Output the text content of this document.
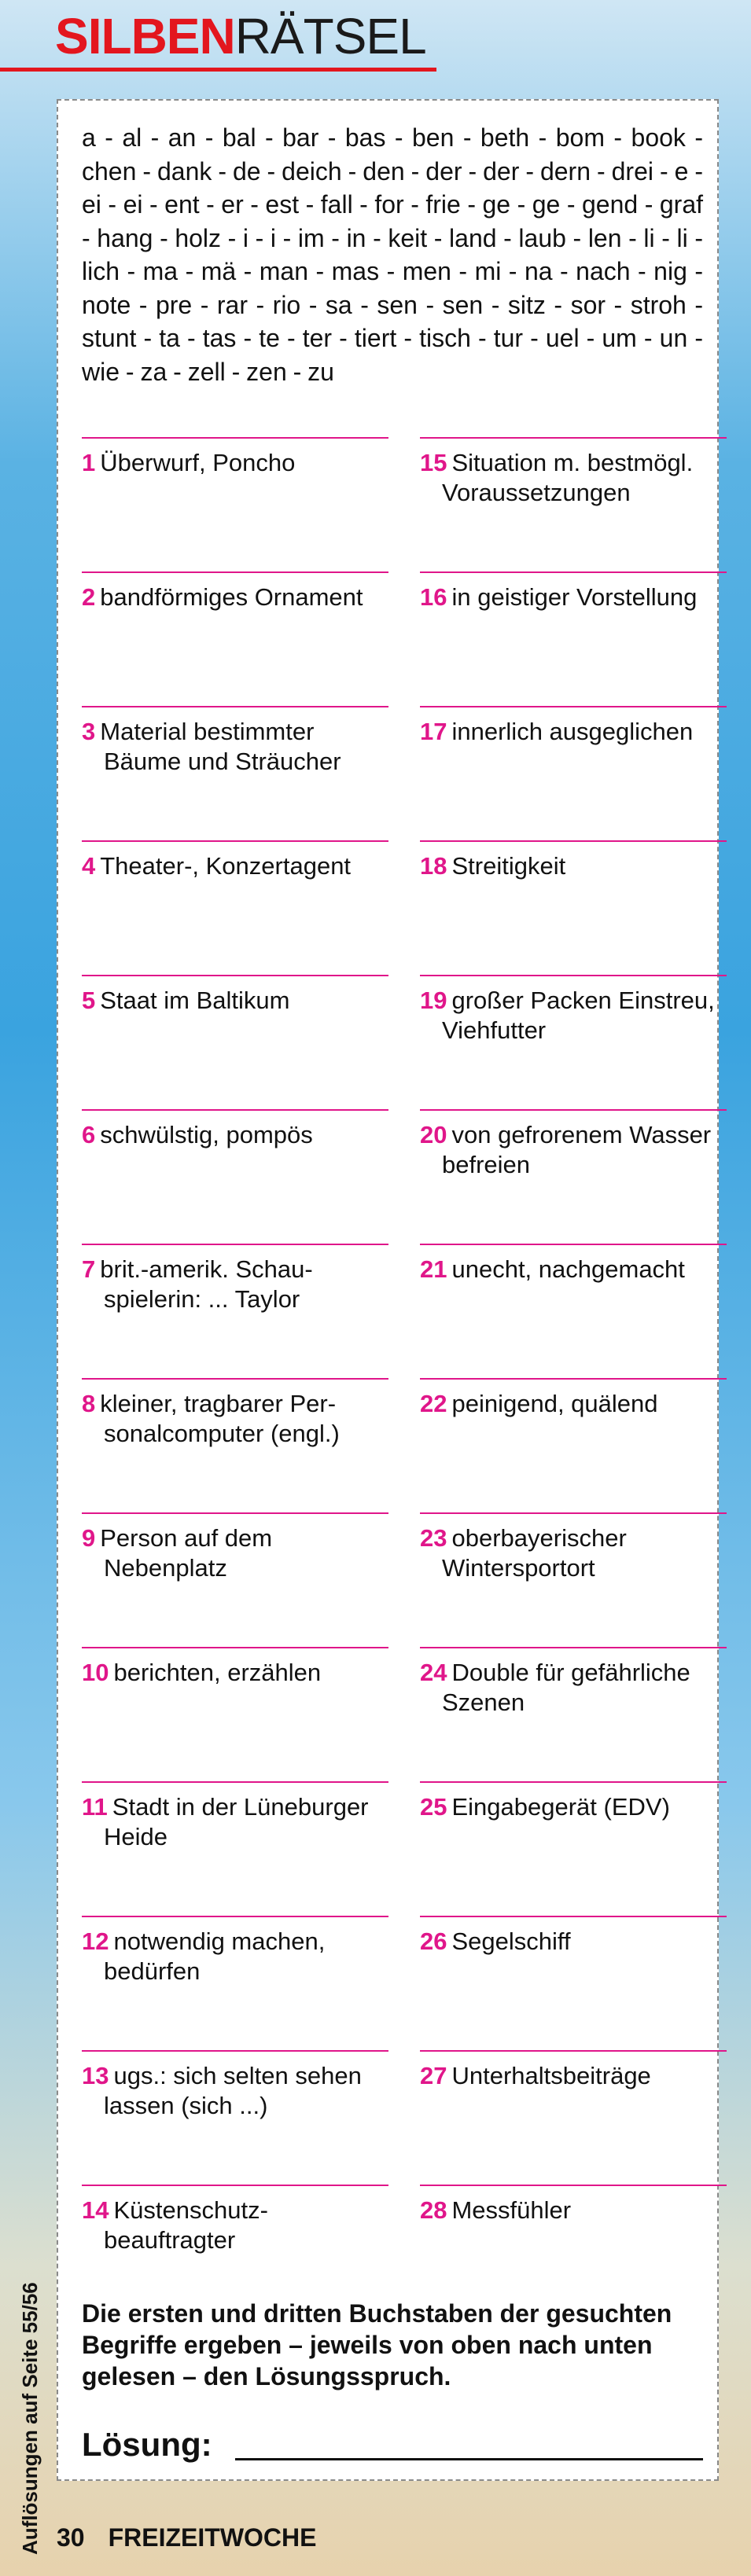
SILBENRÄTSEL

a - al - an - bal - bar - bas - ben - beth - bom - book - chen - dank - de - deich - den - der - der - dern - drei - e - ei - ei - ent - er - est - fall - for - frie - ge - ge - gend - graf - hang - holz - i - i - im - in - keit - land - laub - len - li - li - lich - ma - mä - man - mas - men - mi - na - nach - nig - note - pre - rar - rio - sa - sen - sen - sitz - sor - stroh - stunt - ta - tas - te - ter - tiert - tisch - tur - uel - um - un - wie - za - zell - zen - zu

1 Überwurf, Poncho
2 bandförmiges Ornament
3 Material bestimmter Bäume und Sträucher
4 Theater-, Konzertagent
5 Staat im Baltikum
6 schwülstig, pompös
7 brit.-amerik. Schau-spielerin: ... Taylor
8 kleiner, tragbarer Per-sonalcomputer (engl.)
9 Person auf dem Nebenplatz
10 berichten, erzählen
11 Stadt in der Lüneburger Heide
12 notwendig machen, bedürfen
13 ugs.: sich selten sehen lassen (sich ...)
14 Küstenschutz-beauftragter
15 Situation m. bestmögl. Voraussetzungen
16 in geistiger Vorstellung
17 innerlich ausgeglichen
18 Streitigkeit
19 großer Packen Einstreu, Viehfutter
20 von gefrorenem Wasser befreien
21 unecht, nachgemacht
22 peinigend, quälend
23 oberbayerischer Wintersportort
24 Double für gefährliche Szenen
25 Eingabegerät (EDV)
26 Segelschiff
27 Unterhaltsbeiträge
28 Messfühler

Die ersten und dritten Buchstaben der gesuchten Begriffe ergeben – jeweils von oben nach unten gelesen – den Lösungsspruch.

Lösung:
Auflösungen auf Seite 55/56 30 FREIZEITWOCHE
